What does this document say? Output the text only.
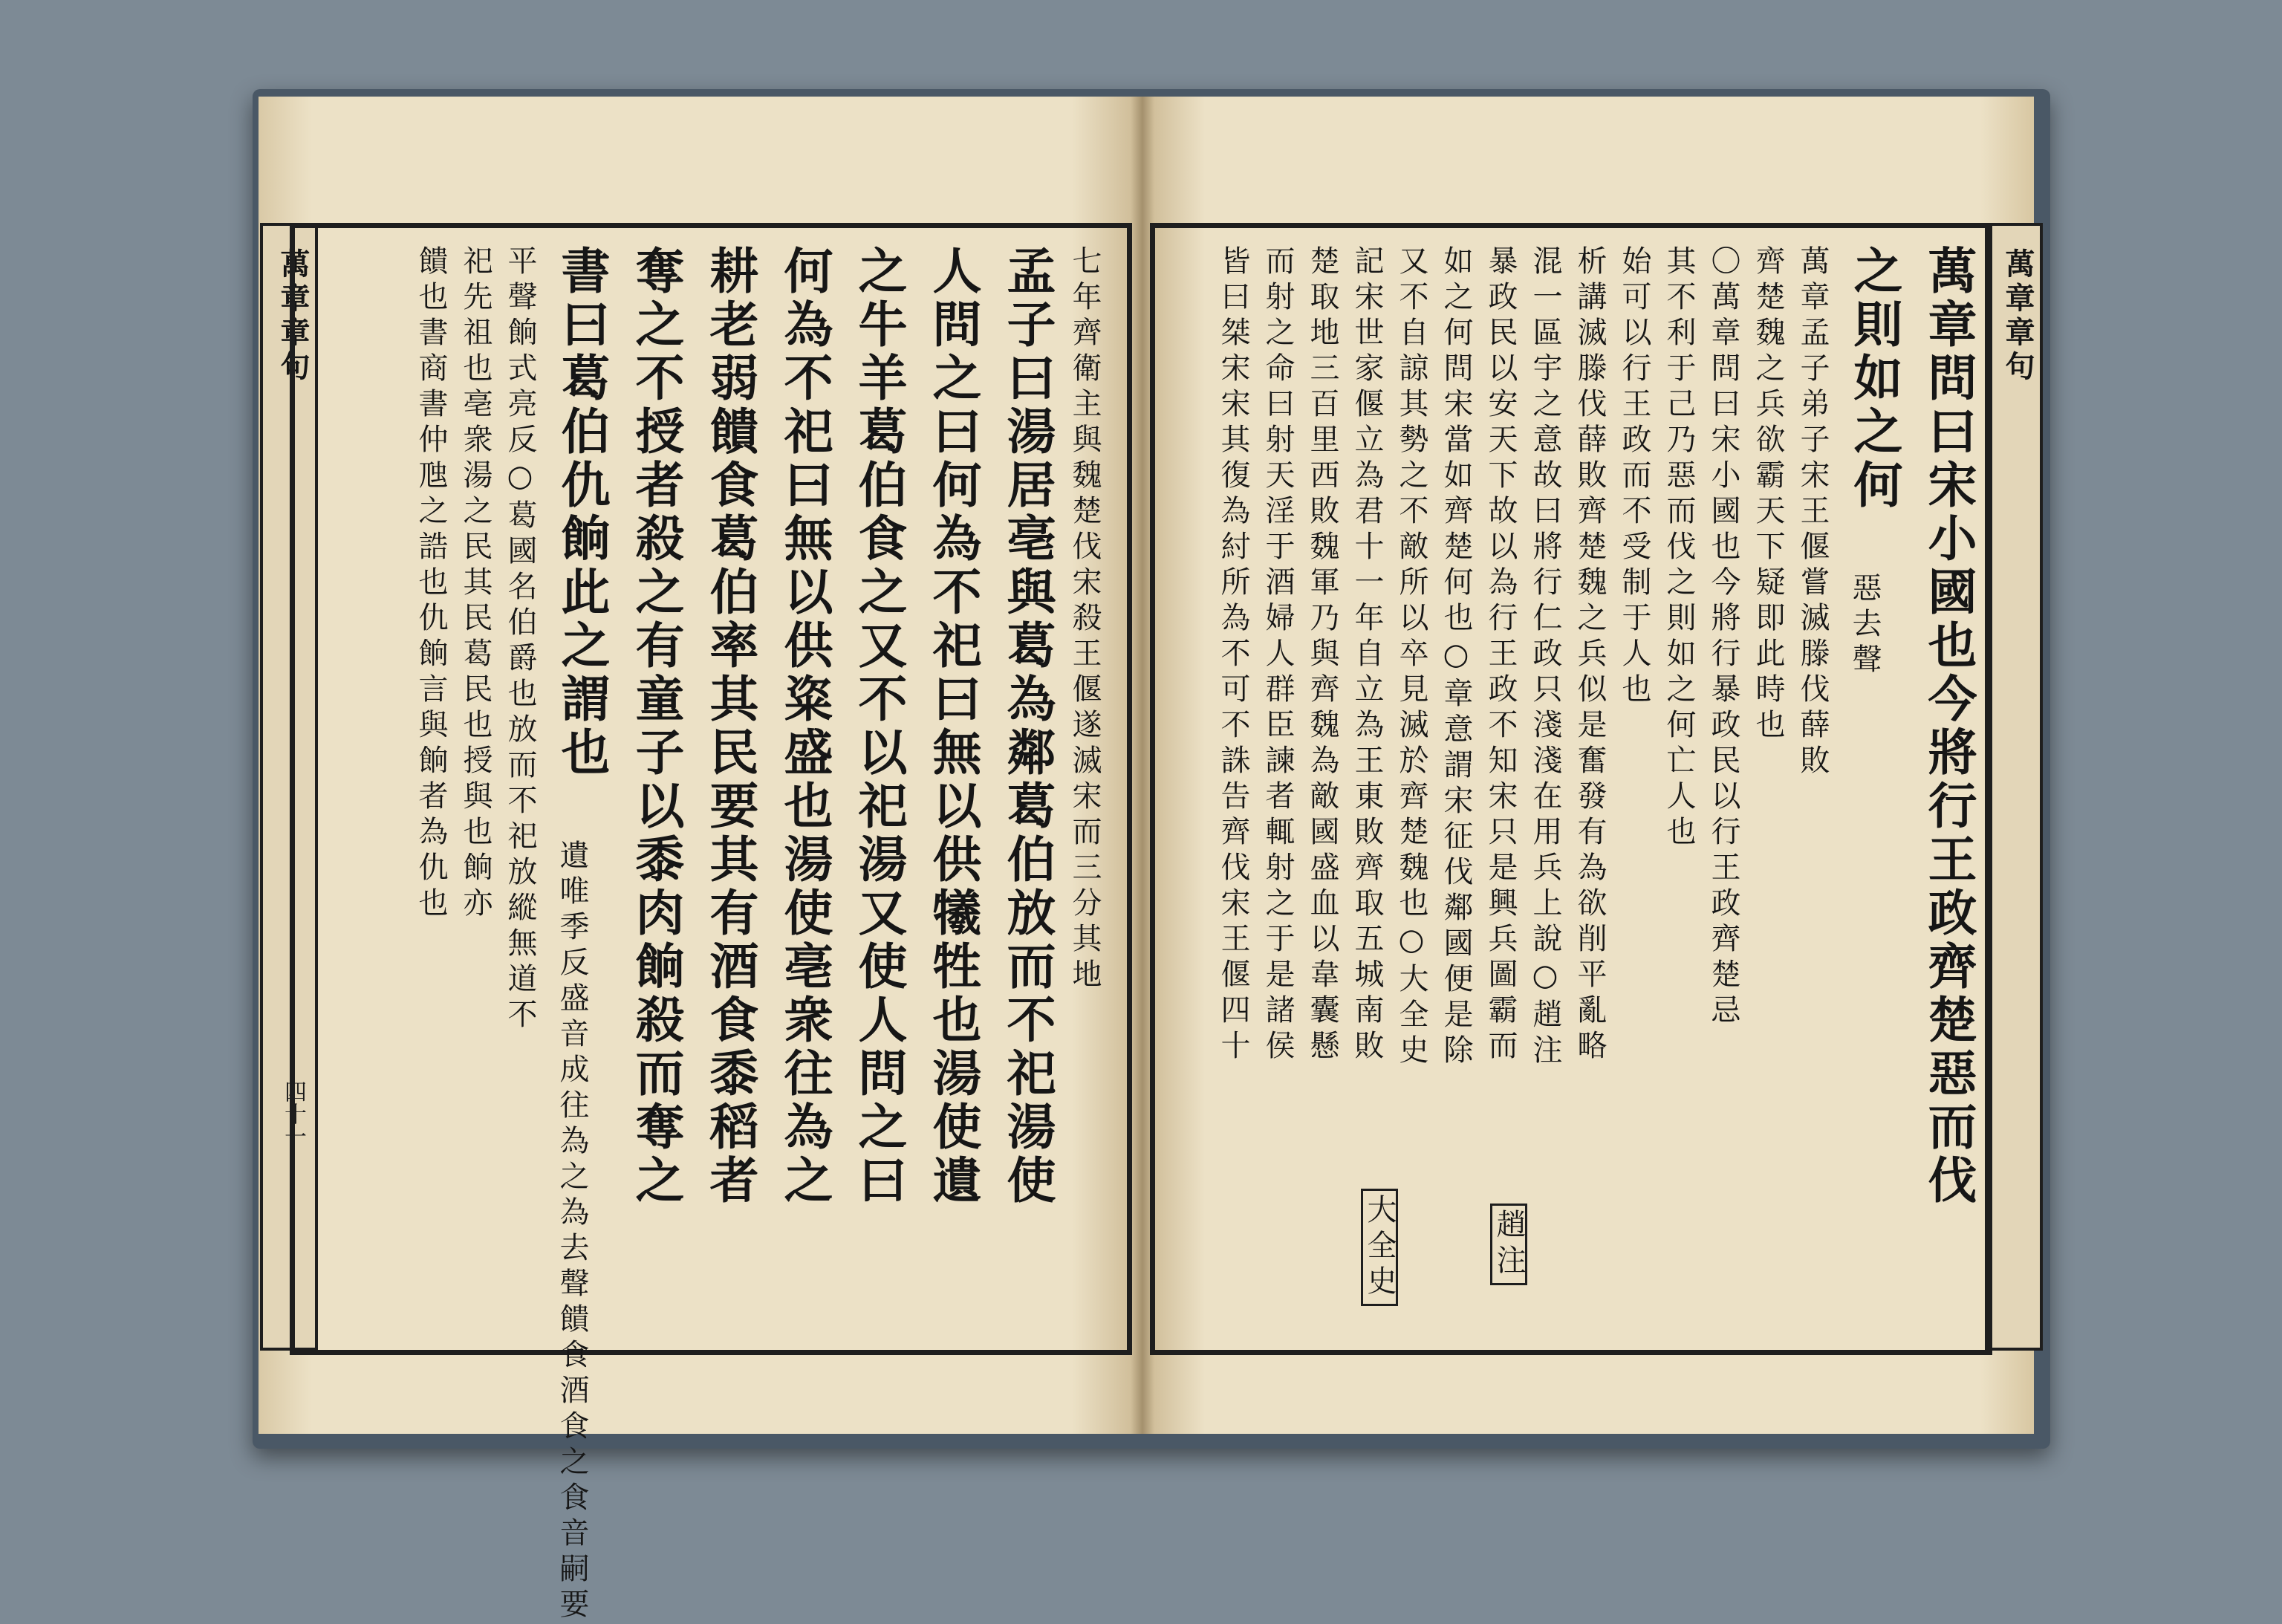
萬章章句
四十一
萬章章句
七年齊衛主與魏楚伐宋殺王偃遂滅宋而三分其地
孟子曰湯居亳與葛為鄰葛伯放而不祀湯使
人問之曰何為不祀曰無以供犧牲也湯使遺
之牛羊葛伯食之又不以祀湯又使人問之曰
何為不祀曰無以供粢盛也湯使亳衆往為之
耕老弱饋食葛伯率其民要其有酒食黍稻者
奪之不授者殺之有童子以黍肉餉殺而奪之
書曰葛伯仇餉此之謂也
遺唯季反盛音成往為之為去聲饋食酒食之食音嗣要
平聲餉式亮反○葛國名伯爵也放而不祀放縱無道不
祀先祖也亳衆湯之民其民葛民也授與也餉亦
饋也書商書仲虺之誥也仇餉言與餉者為仇也	萬章問曰宋小國也今將行王政齊楚惡而伐
之則如之何
惡去聲
萬章孟子弟子宋王偃嘗滅滕伐薛敗
齊楚魏之兵欲霸天下疑即此時也
〇萬章問曰宋小國也今將行暴政民以行王政齊楚忌
其不利于己乃惡而伐之則如之何亡人也
始可以行王政而不受制于人也
析講滅滕伐薛敗齊楚魏之兵似是奮發有為欲削平亂略
混一區宇之意故曰將行仁政只淺淺在用兵上說○趙注
暴政民以安天下故以為行王政不知宋只是興兵圖霸而
如之何問宋當如齊楚何也○章意謂宋征伐鄰國便是除
又不自諒其勢之不敵所以卒見滅於齊楚魏也○大全史
記宋世家偃立為君十一年自立為王東敗齊取五城南敗
楚取地三百里西敗魏軍乃與齊魏為敵國盛血以韋囊懸
而射之命曰射天淫于酒婦人群臣諫者輒射之于是諸侯
皆曰桀宋宋其復為紂所為不可不誅告齊伐宋王偃四十
趙注
大全史
